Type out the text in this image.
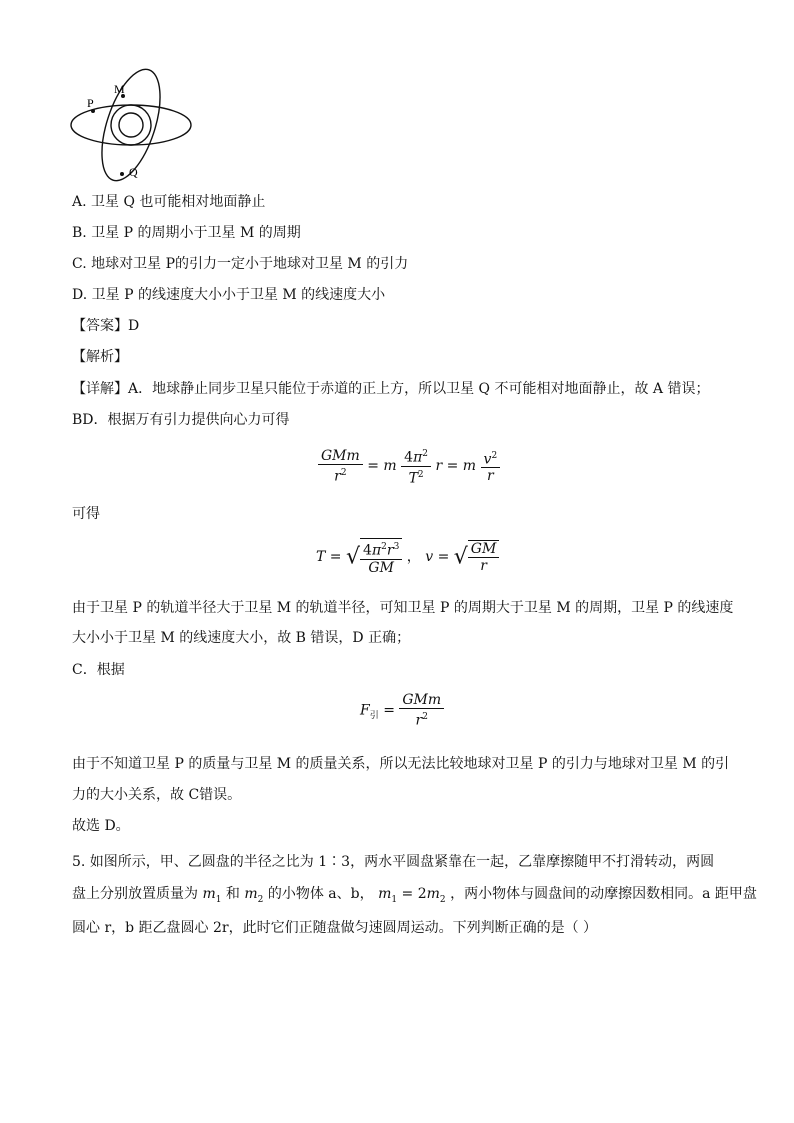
P
M
Q
A. 卫星 Q 也可能相对地面静止
B. 卫星 P 的周期小于卫星 M 的周期
C. 地球对卫星 P的引力一定小于地球对卫星 M 的引力
D. 卫星 P 的线速度大小小于卫星 M 的线速度大小
【答案】D
【解析】
【详解】A．地球静止同步卫星只能位于赤道的正上方，所以卫星 Q 不可能相对地面静止，故 A 错误；
BD．根据万有引力提供向心力可得
$\frac{\text{GMm}}{r^2} = m \frac{4\pi^2}{T^2}$ r = m $\frac{v^2}{r}$
可得
T = √ $\frac{4\pi^2r^3}{GM}$ ， v = √ $\frac{GM}{r}$
由于卫星 P 的轨道半径大于卫星 M 的轨道半径，可知卫星 P 的周期大于卫星 M 的周期，卫星 P 的线速度
大小小于卫星 M 的线速度大小，故 B 错误，D 正确；
C．根据
$F_引 = \frac{\text{GMm}}{r^2}$
由于不知道卫星 P 的质量与卫星 M 的质量关系，所以无法比较地球对卫星 P 的引力与地球对卫星 M 的引
力的大小关系，故 C错误。
故选 D。
5. 如图所示，甲、乙圆盘的半径之比为 1∶3，两水平圆盘紧靠在一起，乙靠摩擦随甲不打滑转动，两圆
盘上分别放置质量为 $m_1$ 和 $m_2$ 的小物体 a、b， $m_1 = 2m_2$ ，两小物体与圆盘间的动摩擦因数相同。a 距甲盘
圆心 r，b 距乙盘圆心 2r，此时它们正随盘做匀速圆周运动。下列判断正确的是（ ）
